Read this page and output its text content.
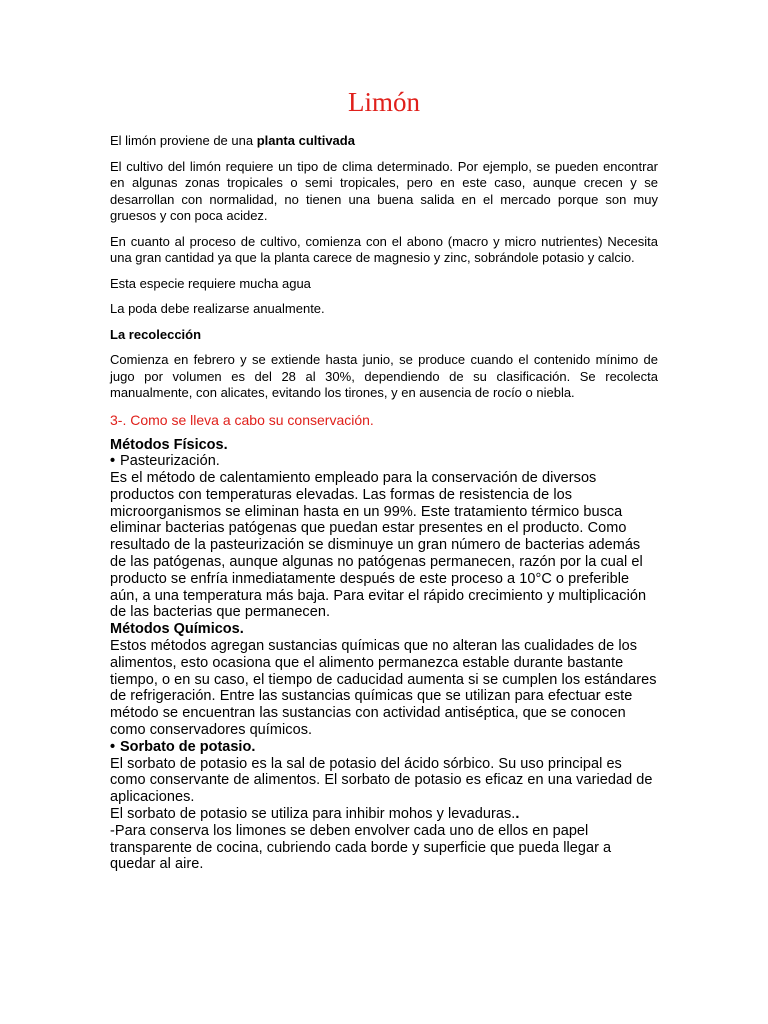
Limón

El limón proviene de una planta cultivada

El cultivo del limón requiere un tipo de clima determinado. Por ejemplo, se pueden encontrar en algunas zonas tropicales o semi tropicales, pero en este caso, aunque crecen y se desarrollan con normalidad, no tienen una buena salida en el mercado porque son muy gruesos y con poca acidez.

En cuanto al proceso de cultivo, comienza con el abono (macro y micro nutrientes) Necesita una gran cantidad ya que la planta carece de magnesio y zinc, sobrándole potasio y calcio.

Esta especie requiere mucha agua

La poda debe realizarse anualmente.

La recolección

Comienza en febrero y se extiende hasta junio, se produce cuando el contenido mínimo de jugo por volumen es del 28 al 30%, dependiendo de su clasificación. Se recolecta manualmente, con alicates, evitando los tirones, y en ausencia de rocío o niebla.

3-. Como se lleva a cabo su conservación.

Métodos Físicos.

• Pasteurización.

Es el método de calentamiento empleado para la conservación de diversos productos con temperaturas elevadas. Las formas de resistencia de los microorganismos se eliminan hasta en un 99%. Este tratamiento térmico busca eliminar bacterias patógenas que puedan estar presentes en el producto. Como resultado de la pasteurización se disminuye un gran número de bacterias además de las patógenas, aunque algunas no patógenas permanecen, razón por la cual el producto se enfría inmediatamente después de este proceso a 10°C o preferible aún, a una temperatura más baja. Para evitar el rápido crecimiento y multiplicación de las bacterias que permanecen.

Métodos Químicos.

Estos métodos agregan sustancias químicas que no alteran las cualidades de los alimentos, esto ocasiona que el alimento permanezca estable durante bastante tiempo, o en su caso, el tiempo de caducidad aumenta si se cumplen los estándares de refrigeración. Entre las sustancias químicas que se utilizan para efectuar este método se encuentran las sustancias con actividad antiséptica, que se conocen como conservadores químicos.

• Sorbato de potasio.

El sorbato de potasio es la sal de potasio del ácido sórbico. Su uso principal es como conservante de alimentos. El sorbato de potasio es eficaz en una variedad de aplicaciones.

El sorbato de potasio se utiliza para inhibir mohos y levaduras..

-Para conserva los limones se deben envolver cada uno de ellos en papel transparente de cocina, cubriendo cada borde y superficie que pueda llegar a quedar al aire.
